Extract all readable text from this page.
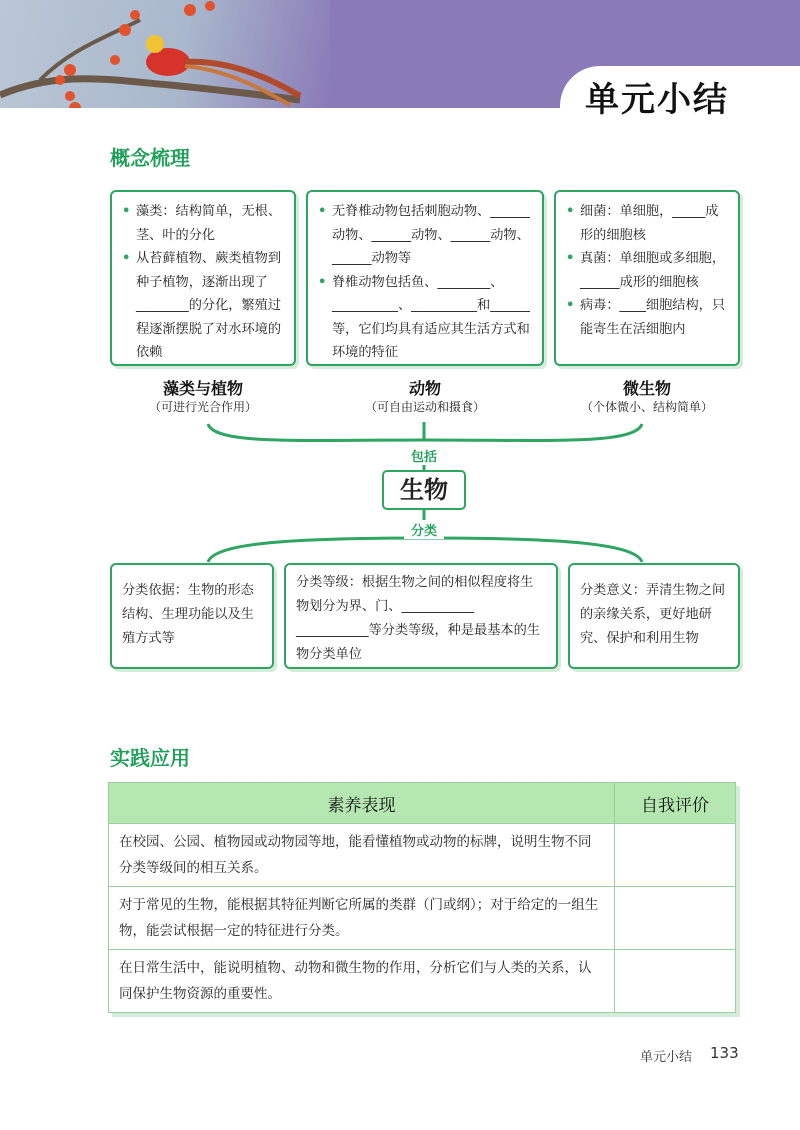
单元小结
概念梳理
• 藻类：结构简单，无根、茎、叶的分化
• 从苔藓植物、蕨类植物到种子植物，逐渐出现了________的分化，繁殖过程逐渐摆脱了对水环境的依赖
• 无脊椎动物包括刺胞动物、______动物、______动物、______动物、______动物等
• 脊椎动物包括鱼、________、__________、__________和______等，它们均具有适应其生活方式和环境的特征
• 细菌：单细胞，_____成形的细胞核
• 真菌：单细胞或多细胞，______成形的细胞核
• 病毒：____细胞结构，只能寄生在活细胞内
藻类与植物
（可进行光合作用）
动物
（可自由运动和摄食）
微生物
（个体微小、结构简单）
包括
生物
分类
分类依据：生物的形态结构、生理功能以及生殖方式等
分类等级：根据生物之间的相似程度将生物划分为界、门、___________ ___________等分类等级，种是最基本的生物分类单位
分类意义：弄清生物之间的亲缘关系，更好地研究、保护和利用生物
实践应用
素养表现	自我评价
在校园、公园、植物园或动物园等地，能看懂植物或动物的标牌，说明生物不同分类等级间的相互关系。	
对于常见的生物，能根据其特征判断它所属的类群（门或纲）；对于给定的一组生物，能尝试根据一定的特征进行分类。	
在日常生活中，能说明植物、动物和微生物的作用，分析它们与人类的关系，认同保护生物资源的重要性。	
单元小结 133
